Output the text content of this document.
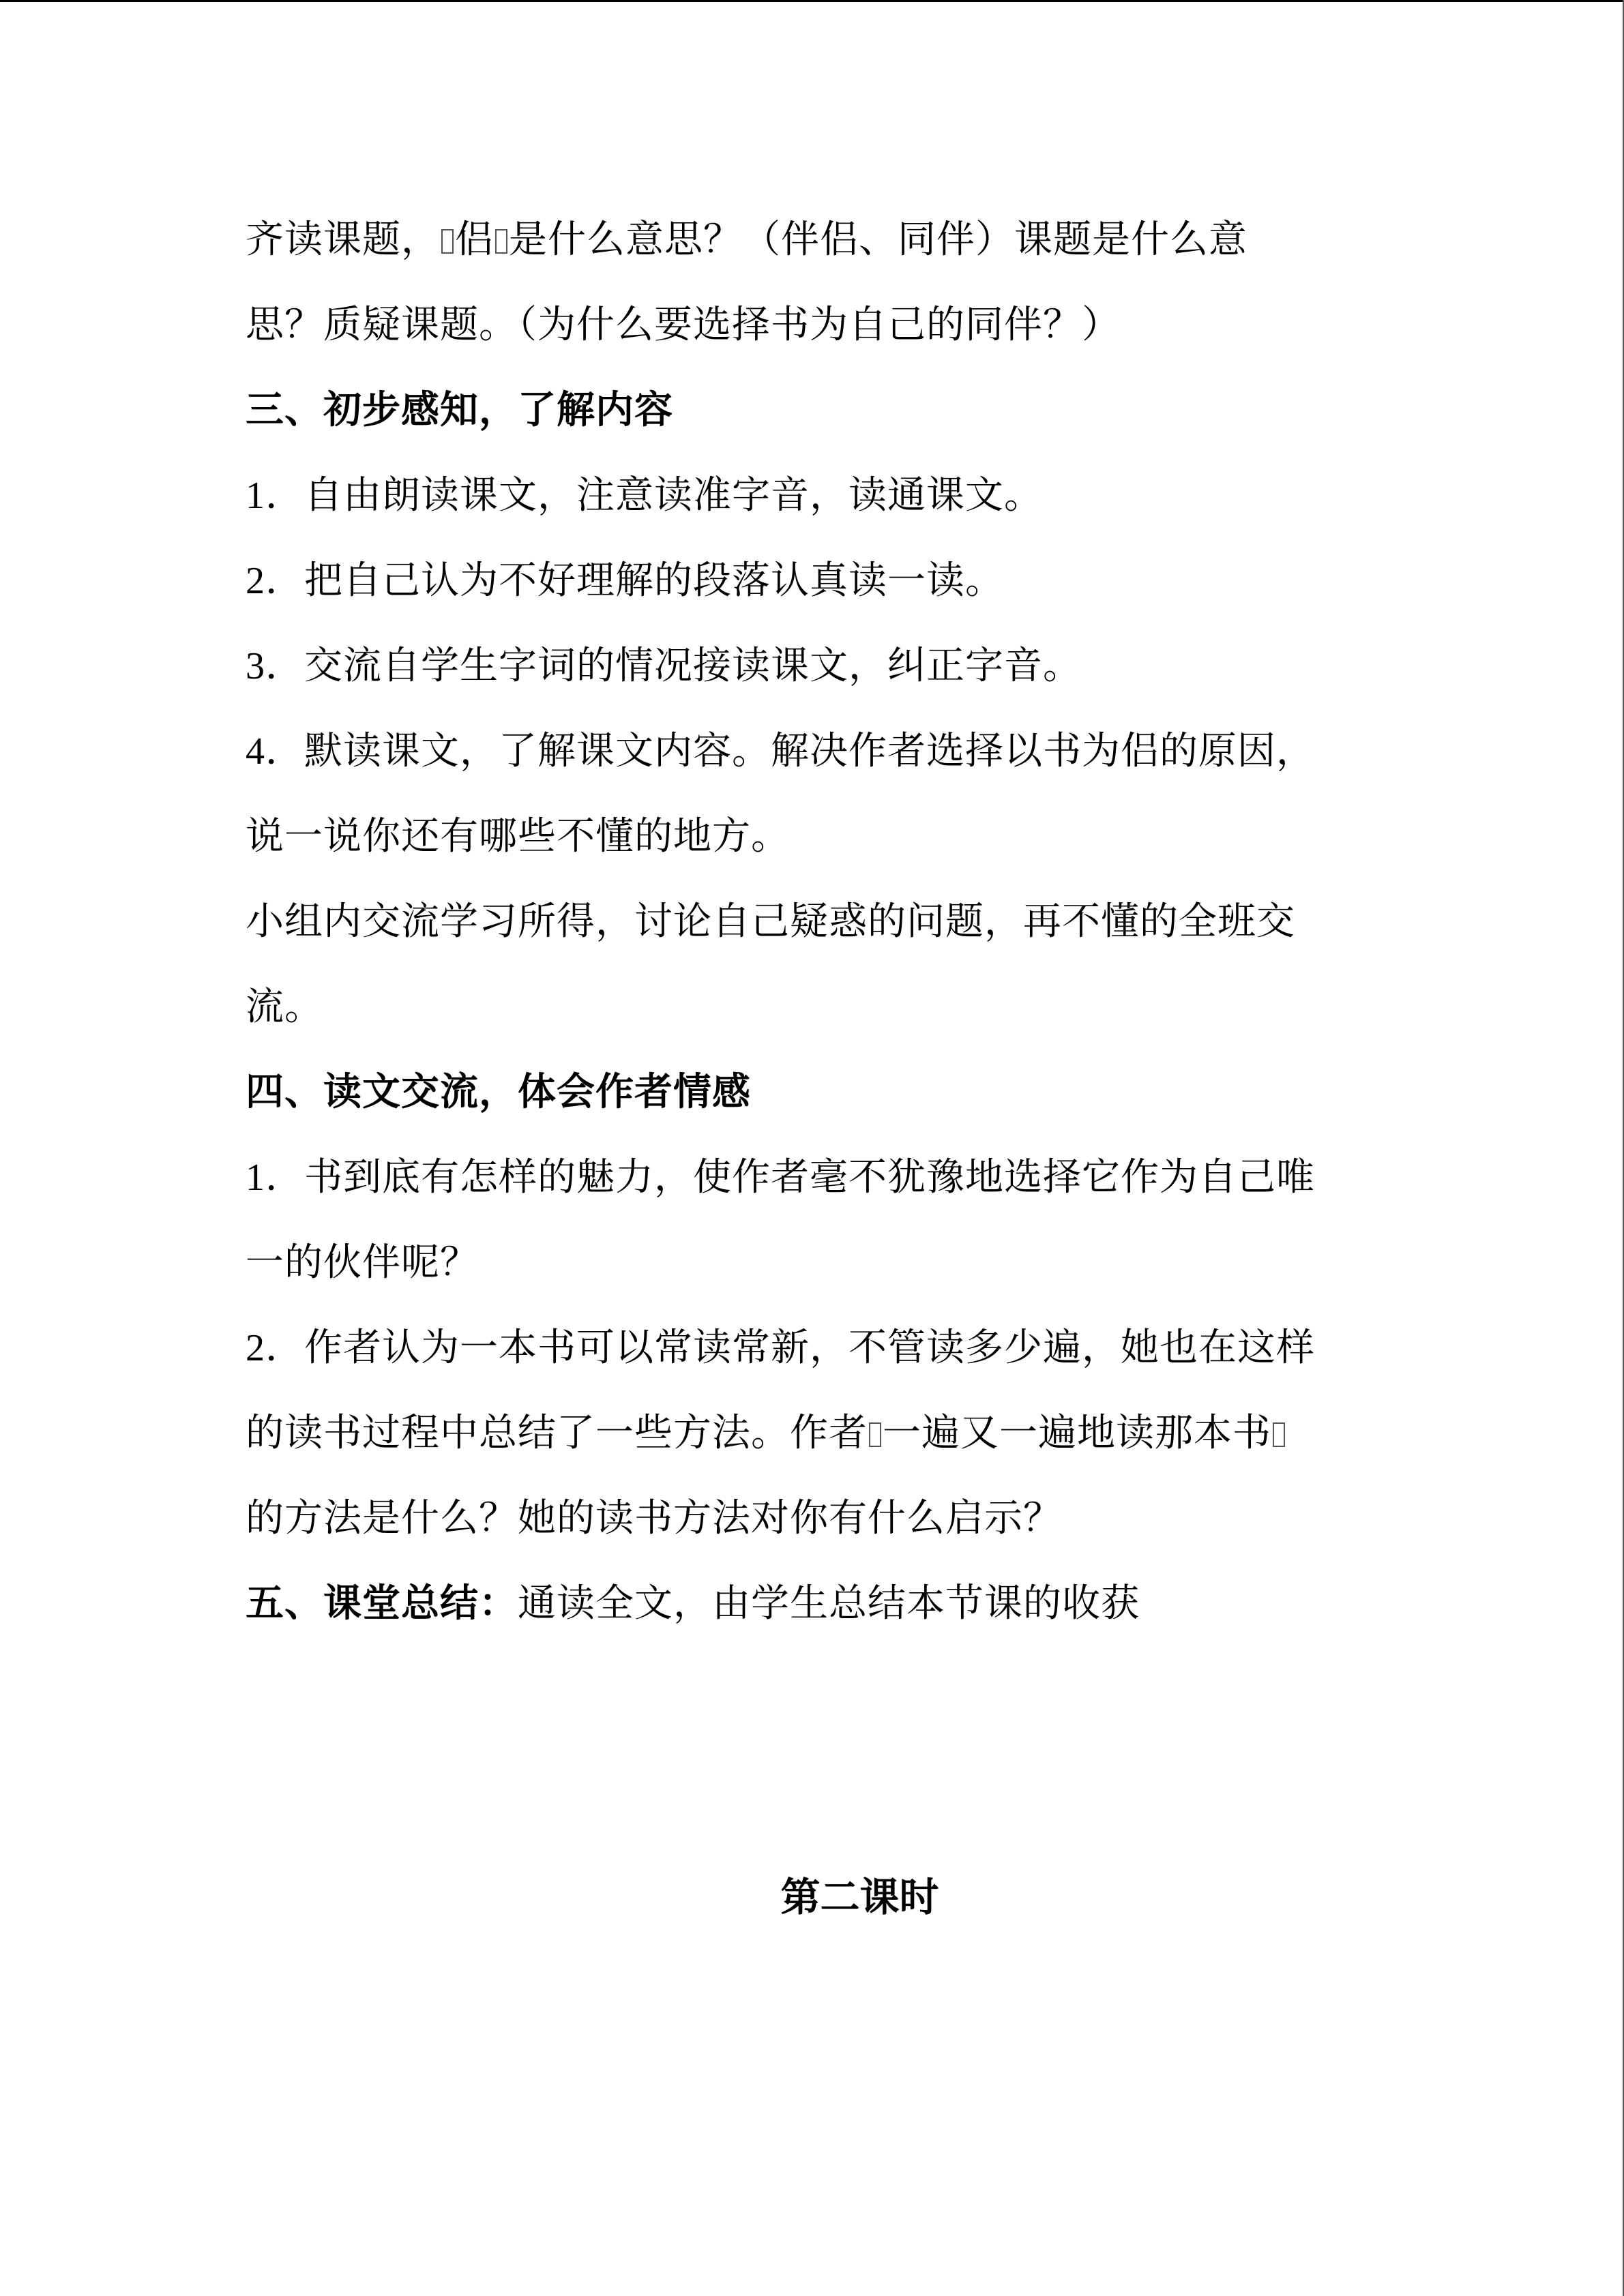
齐读课题， 侣 是什么意思？（伴侣、同伴）课题是什么意
思？质疑课题。（为什么要选择书为自己的同伴？）
三、初步感知，了解内容
1．自由朗读课文，注意读准字音，读通课文。
2．把自己认为不好理解的段落认真读一读。
3．交流自学生字词的情况接读课文，纠正字音。
4．默读课文，了解课文内容。解决作者选择以书为侣的原因，
说一说你还有哪些不懂的地方。
小组内交流学习所得，讨论自己疑惑的问题，再不懂的全班交
流。
四、读文交流，体会作者情感
1．书到底有怎样的魅力，使作者毫不犹豫地选择它作为自己唯
一的伙伴呢？
2．作者认为一本书可以常读常新，不管读多少遍，她也在这样
的读书过程中总结了一些方法。作者 一遍又一遍地读那本书
的方法是什么？她的读书方法对你有什么启示？
五、课堂总结：通读全文，由学生总结本节课的收获
第二课时
